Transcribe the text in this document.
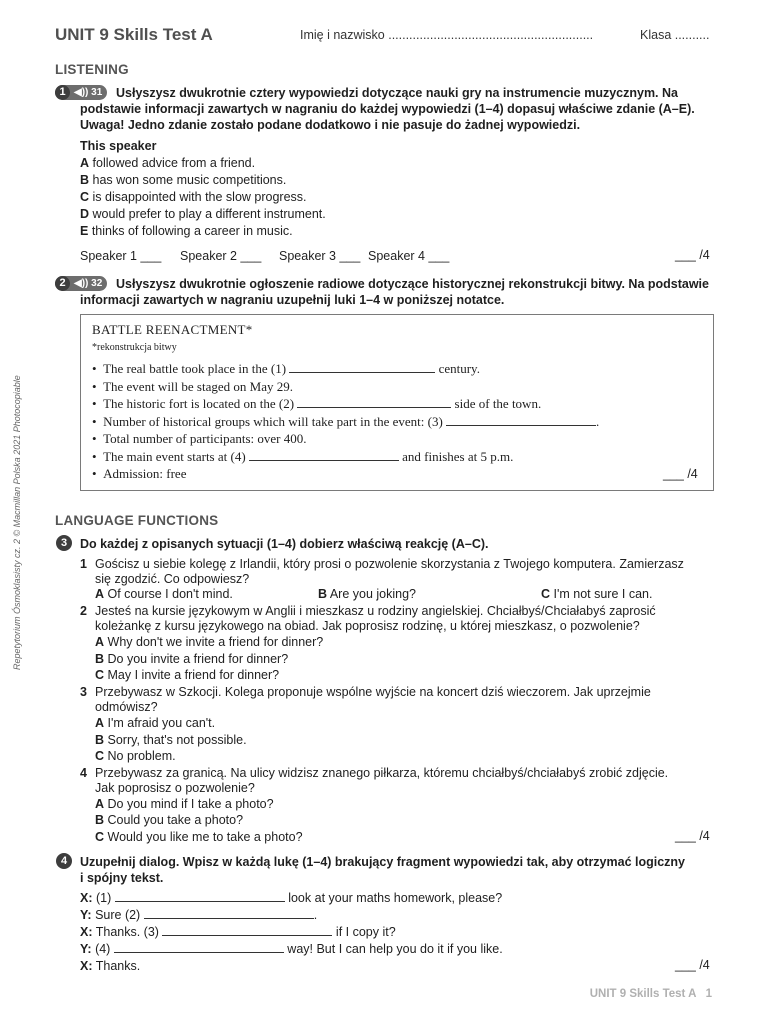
UNIT 9 Skills Test A	Imię i nazwisko ...........................................................	Klasa ..........
Repetytorium Ósmoklasisty cz. 2 © Macmillan Polska 2021 Photocopiable
LISTENING
1 ◀)) 31 Usłyszysz dwukrotnie cztery wypowiedzi dotyczące nauki gry na instrumencie muzycznym. Na
podstawie informacji zawartych w nagraniu do każdej wypowiedzi (1–4) dopasuj właściwe zdanie (A–E).
Uwaga! Jedno zdanie zostało podane dodatkowo i nie pasuje do żadnej wypowiedzi.
This speaker
A followed advice from a friend.
B has won some music competitions.
C is disappointed with the slow progress.
D would prefer to play a different instrument.
E thinks of following a career in music.
Speaker 1 ___ Speaker 2 ___ Speaker 3 ___ Speaker 4 ___	___ /4
2 ◀)) 32 Usłyszysz dwukrotnie ogłoszenie radiowe dotyczące historycznej rekonstrukcji bitwy. Na podstawie
informacji zawartych w nagraniu uzupełnij luki 1–4 w poniższej notatce.
BATTLE REENACTMENT*
*rekonstrukcja bitwy
•  The real battle took place in the (1)	century.
•  The event will be staged on May 29.
•  The historic fort is located on the (2)	side of the town.
•  Number of historical groups which will take part in the event: (3)	.
•  Total number of participants: over 400.
•  The main event starts at (4)	and finishes at 5 p.m.
•  Admission: free	___ /4
LANGUAGE FUNCTIONS
3	Do każdej z opisanych sytuacji (1–4) dobierz właściwą reakcję (A–C).
1 Gościsz u siebie kolegę z Irlandii, który prosi o pozwolenie skorzystania z Twojego komputera. Zamierzasz
się zgodzić. Co odpowiesz?
A Of course I don't mind.	B Are you joking?	C I'm not sure I can.
2 Jesteś na kursie językowym w Anglii i mieszkasz u rodziny angielskiej. Chciałbyś/Chciałabyś zaprosić
koleżankę z kursu językowego na obiad. Jak poprosisz rodzinę, u której mieszkasz, o pozwolenie?
A Why don't we invite a friend for dinner?
B Do you invite a friend for dinner?
C May I invite a friend for dinner?
3 Przebywasz w Szkocji. Kolega proponuje wspólne wyjście na koncert dziś wieczorem. Jak uprzejmie
odmówisz?
A I'm afraid you can't.
B Sorry, that's not possible.
C No problem.
4 Przebywasz za granicą. Na ulicy widzisz znanego piłkarza, któremu chciałbyś/chciałabyś zrobić zdjęcie.
Jak poprosisz o pozwolenie?
A Do you mind if I take a photo?
B Could you take a photo?
C Would you like me to take a photo?	___ /4
4	Uzupełnij dialog. Wpisz w każdą lukę (1–4) brakujący fragment wypowiedzi tak, aby otrzymać logiczny
i spójny tekst.
X: (1)	look at your maths homework, please?
Y: Sure (2)	.
X: Thanks. (3)	if I copy it?
Y: (4)	way! But I can help you do it if you like.
X: Thanks.	___ /4
UNIT 9 Skills Test A   1
